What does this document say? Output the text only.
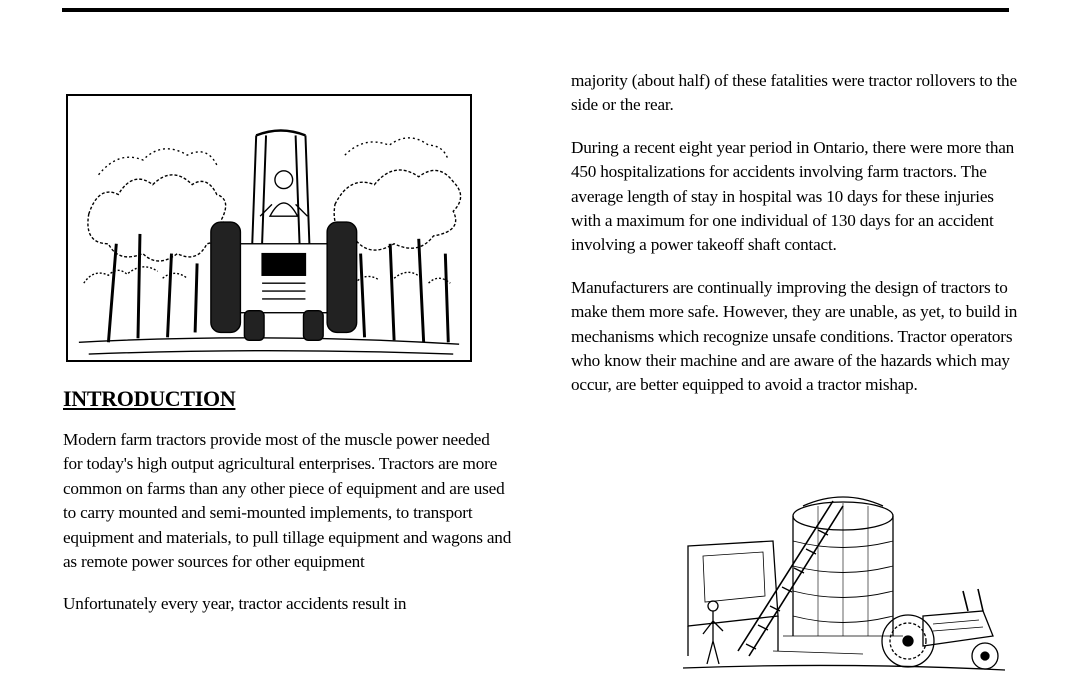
INTRODUCTION

Modern farm tractors provide most of the muscle power needed for today's high output agricultural enterprises. Tractors are more common on farms than any other piece of equipment and are used to carry mounted and semi-mounted implements, to transport equipment and materials, to pull tillage equipment and wagons and as remote power sources for other equipment

Unfortunately every year, tractor accidents result in

majority (about half) of these fatalities were tractor rollovers to the side or the rear.

During a recent eight year period in Ontario, there were more than 450 hospitalizations for accidents involving farm tractors. The average length of stay in hospital was 10 days for these injuries with a maximum for one individual of 130 days for an accident involving a power takeoff shaft contact.

Manufacturers are continually improving the design of tractors to make them more safe. However, they are unable, as yet, to build in mechanisms which recognize unsafe conditions. Tractor operators who know their machine and are aware of the hazards which may occur, are better equipped to avoid a tractor mishap.
